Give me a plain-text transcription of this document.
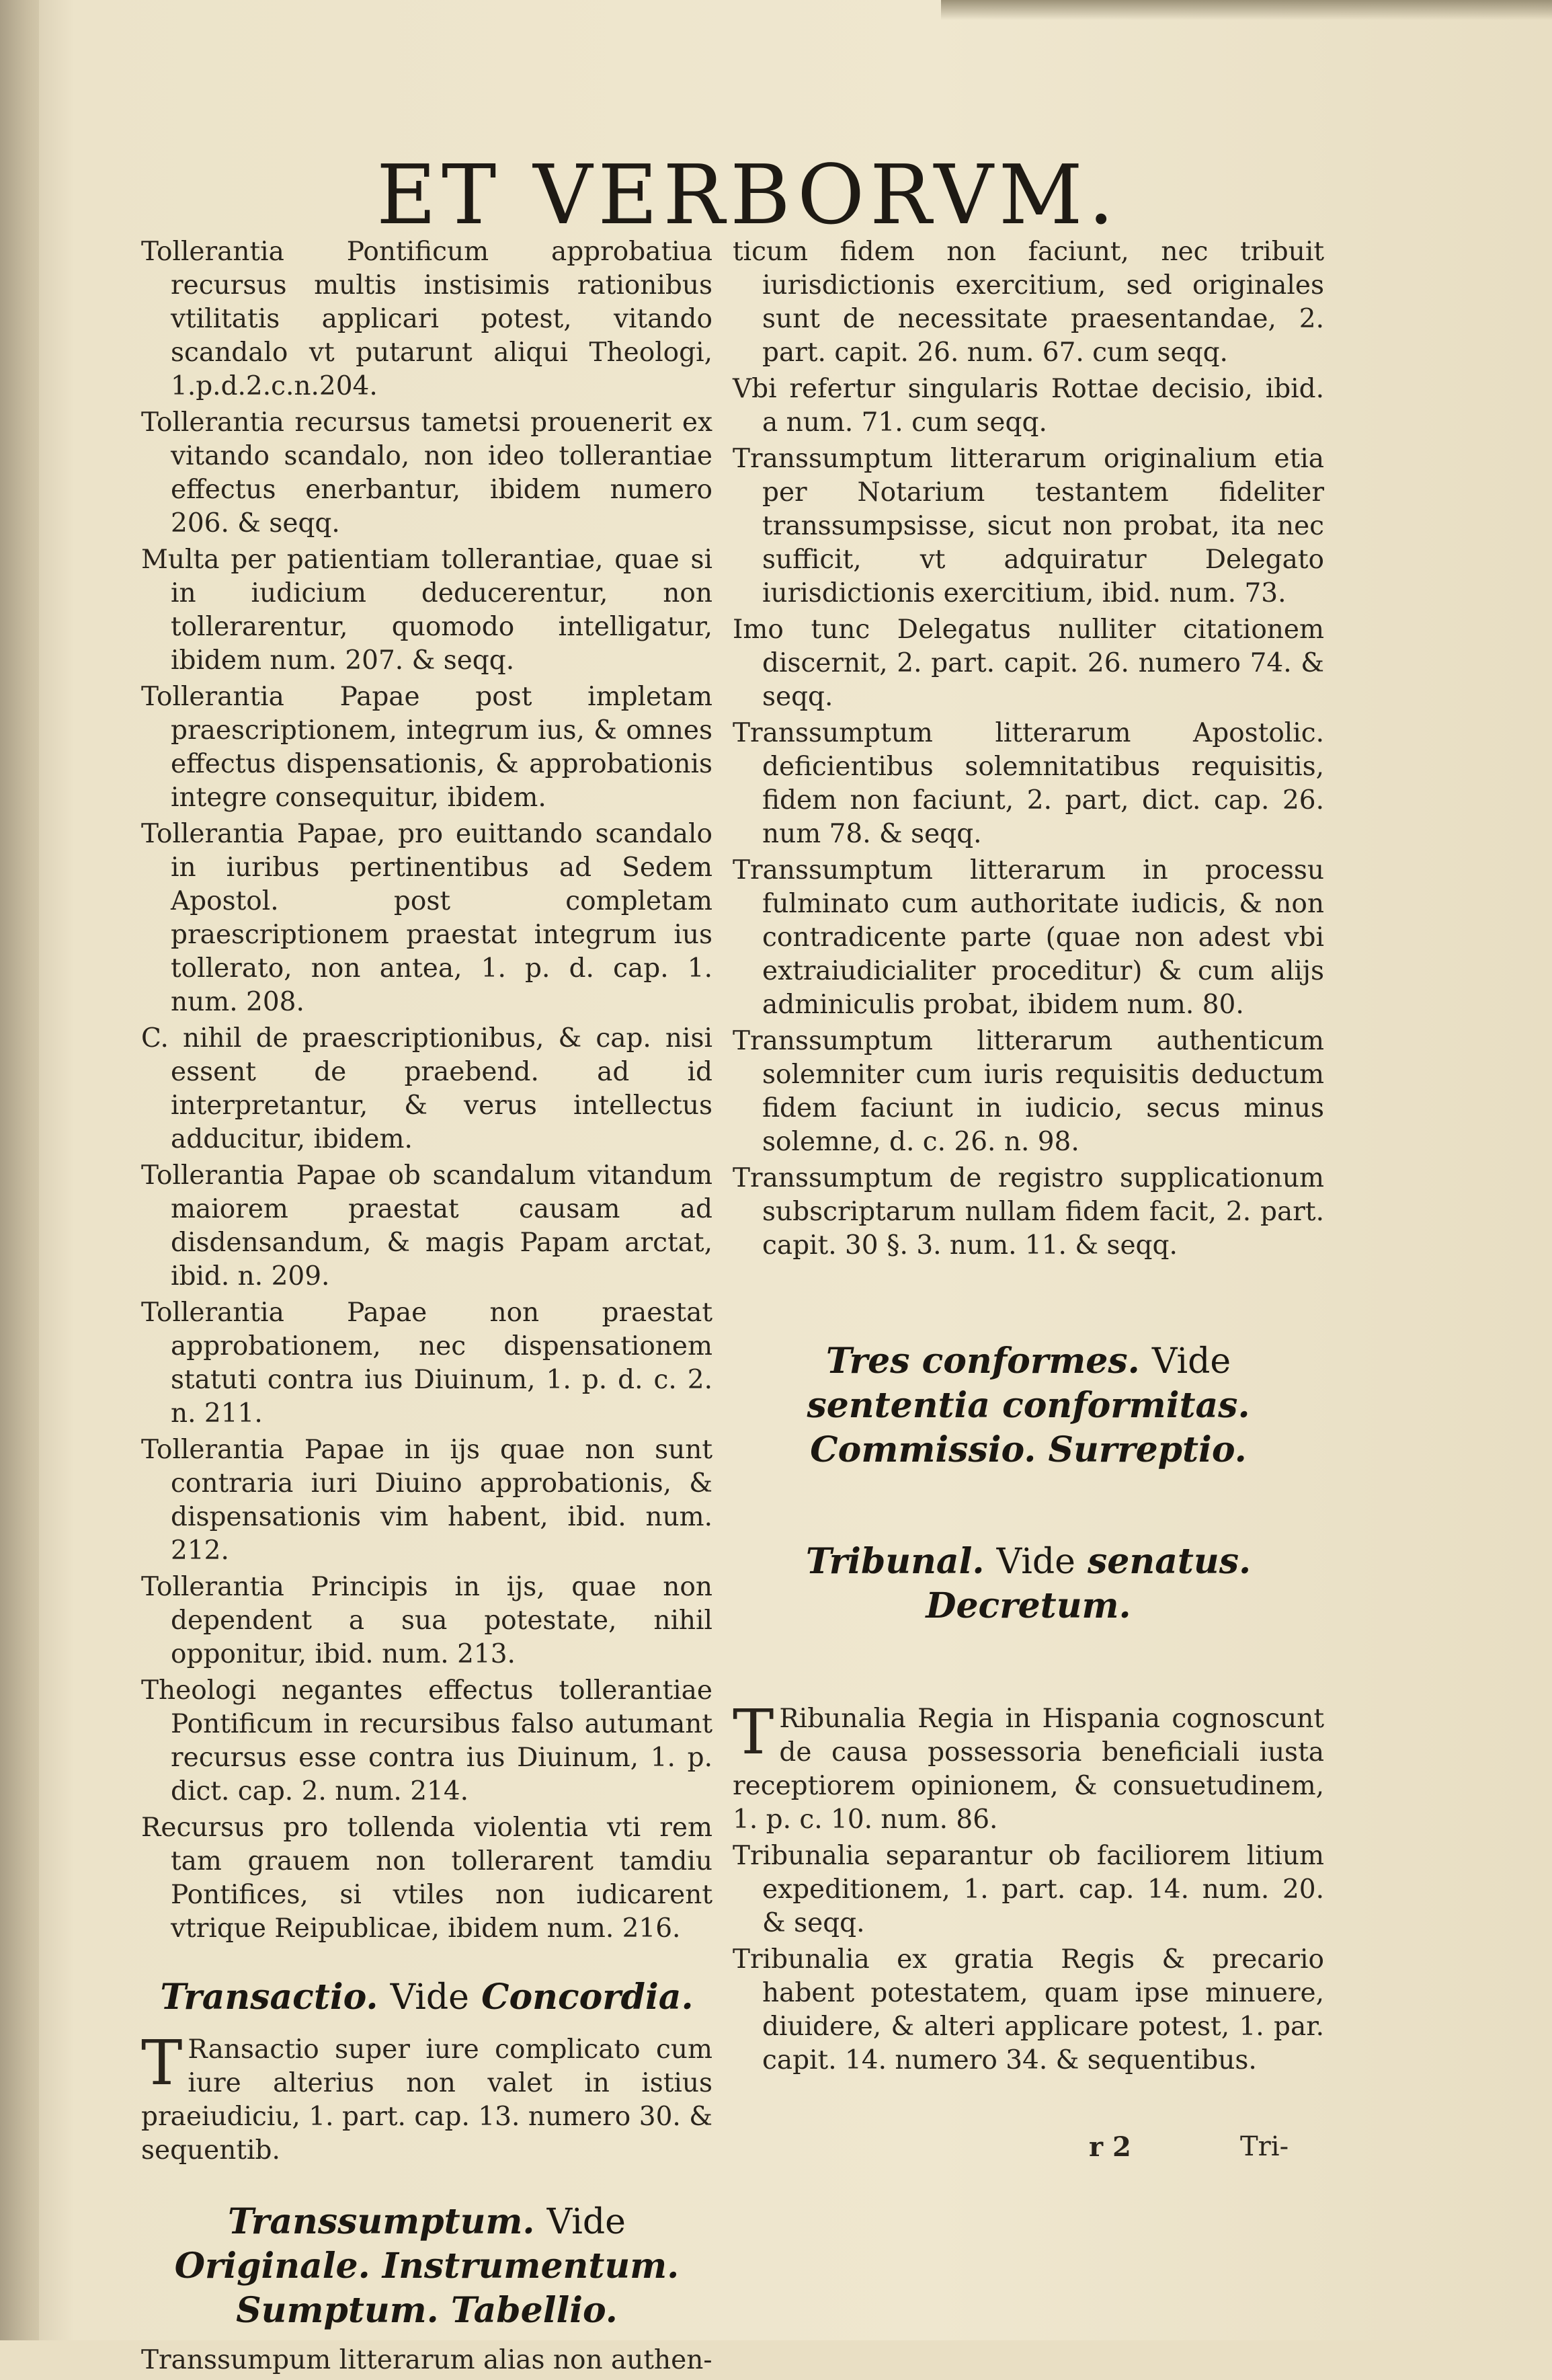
ET VERBORVM.

Tollerantia Pontificum approbatiua recursus multis instisimis rationibus vtilitatis applicari potest, vitando scandalo vt putarunt aliqui Theologi, 1.p.d.2.c.n.204.

Tollerantia recursus tametsi prouenerit ex vitando scandalo, non ideo tollerantiae effectus enerbantur, ibidem numero 206. & seqq.

Multa per patientiam tollerantiae, quae si in iudicium deducerentur, non tollerarentur, quomodo intelligatur, ibidem num. 207. & seqq.

Tollerantia Papae post impletam praescriptionem, integrum ius, & omnes effectus dispensationis, & approbationis integre consequitur, ibidem.

Tollerantia Papae, pro euittando scandalo in iuribus pertinentibus ad Sedem Apostol. post completam praescriptionem praestat integrum ius tollerato, non antea, 1. p. d. cap. 1. num. 208.

C. nihil de praescriptionibus, & cap. nisi essent de praebend. ad id interpretantur, & verus intellectus adducitur, ibidem.

Tollerantia Papae ob scandalum vitandum maiorem praestat causam ad disdensandum, & magis Papam arctat, ibid. n. 209.

Tollerantia Papae non praestat approbationem, nec dispensationem statuti contra ius Diuinum, 1. p. d. c. 2. n. 211.

Tollerantia Papae in ijs quae non sunt contraria iuri Diuino approbationis, & dispensationis vim habent, ibid. num. 212.

Tollerantia Principis in ijs, quae non dependent a sua potestate, nihil opponitur, ibid. num. 213.

Theologi negantes effectus tollerantiae Pontificum in recursibus falso autumant recursus esse contra ius Diuinum, 1. p. dict. cap. 2. num. 214.

Recursus pro tollenda violentia vti rem tam grauem non tollerarent tamdiu Pontifices, si vtiles non iudicarent vtrique Reipublicae, ibidem num. 216.

Transactio. Vide Concordia.

T Ransactio super iure complicato cum iure alterius non valet in istius praeiudiciu, 1. part. cap. 13. numero 30. & sequentib.

Transsumptum. Vide Originale. Instrumentum. Sumptum. Tabellio.

Transsumpum litterarum alias non authen-

ticum fidem non faciunt, nec tribuit iurisdictionis exercitium, sed originales sunt de necessitate praesentandae, 2. part. capit. 26. num. 67. cum seqq.

Vbi refertur singularis Rottae decisio, ibid. a num. 71. cum seqq.

Transsumptum litterarum originalium etia per Notarium testantem fideliter transsumpsisse, sicut non probat, ita nec sufficit, vt adquiratur Delegato iurisdictionis exercitium, ibid. num. 73.

Imo tunc Delegatus nulliter citationem discernit, 2. part. capit. 26. numero 74. & seqq.

Transsumptum litterarum Apostolic. deficientibus solemnitatibus requisitis, fidem non faciunt, 2. part, dict. cap. 26. num 78. & seqq.

Transsumptum litterarum in processu fulminato cum authoritate iudicis, & non contradicente parte (quae non adest vbi extraiudicialiter proceditur) & cum alijs adminiculis probat, ibidem num. 80.

Transsumptum litterarum authenticum solemniter cum iuris requisitis deductum fidem faciunt in iudicio, secus minus solemne, d. c. 26. n. 98.

Transsumptum de registro supplicationum subscriptarum nullam fidem facit, 2. part. capit. 30 §. 3. num. 11. & seqq.

Tres conformes. Vide sententia conformitas. Commissio. Surreptio.

Tribunal. Vide senatus. Decretum.

T Ribunalia Regia in Hispania cognoscunt de causa possessoria beneficiali iusta receptiorem opinionem, & consuetudinem, 1. p. c. 10. num. 86.

Tribunalia separantur ob faciliorem litium expeditionem, 1. part. cap. 14. num. 20. & seqq.

Tribunalia ex gratia Regis & precario habent potestatem, quam ipse minuere, diuidere, & alteri applicare potest, 1. par. capit. 14. numero 34. & sequentibus.

r 2	Tri-
